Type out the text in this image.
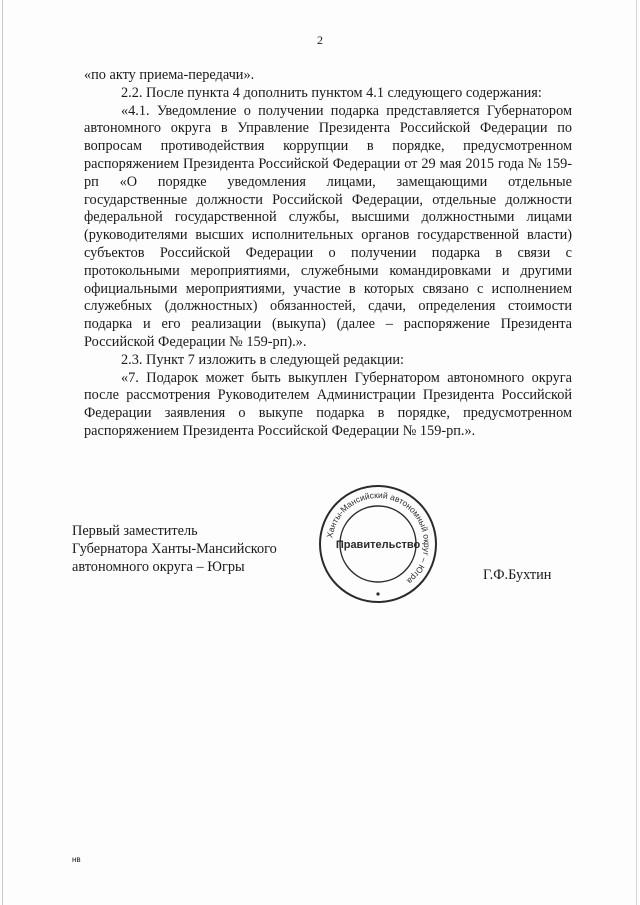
2

«по акту приема-передачи».

2.2. После пункта 4 дополнить пунктом 4.1 следующего содержания:

«4.1. Уведомление о получении подарка представляется Губернатором автономного округа в Управление Президента Российской Федерации по вопросам противодействия коррупции в порядке, предусмотренном распоряжением Президента Российской Федерации от 29 мая 2015 года № 159-рп «О порядке уведомления лицами, замещающими отдельные государственные должности Российской Федерации, отдельные должности федеральной государственной службы, высшими должностными лицами (руководителями высших исполнительных органов государственной власти) субъектов Российской Федерации о получении подарка в связи с протокольными мероприятиями, служебными командировками и другими официальными мероприятиями, участие в которых связано с исполнением служебных (должностных) обязанностей, сдачи, определения стоимости подарка и его реализации (выкупа) (далее – распоряжение Президента Российской Федерации № 159-рп).».

2.3. Пункт 7 изложить в следующей редакции:

«7. Подарок может быть выкуплен Губернатором автономного округа после рассмотрения Руководителем Администрации Президента Российской Федерации заявления о выкупе подарка в порядке, предусмотренном распоряжением Президента Российской Федерации № 159-рп.».

Первый заместитель
Губернатора Ханты-Мансийского
автономного округа – Югры	Г.Ф.Бухтин
Ханты-Мансийский автономный округ – Югра
Правительство
нв
